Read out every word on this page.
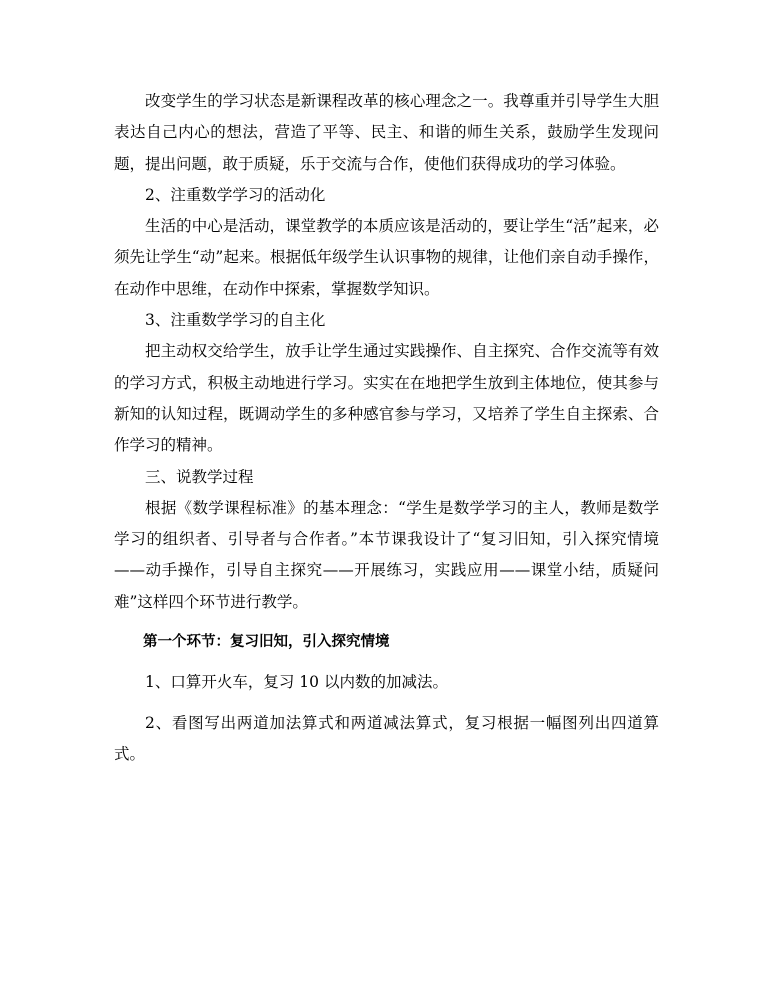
改变学生的学习状态是新课程改革的核心理念之一。我尊重并引导学生大胆表达自己内心的想法，营造了平等、民主、和谐的师生关系，鼓励学生发现问题，提出问题，敢于质疑，乐于交流与合作，使他们获得成功的学习体验。

2、注重数学学习的活动化

生活的中心是活动，课堂教学的本质应该是活动的，要让学生“活”起来，必须先让学生“动”起来。根据低年级学生认识事物的规律，让他们亲自动手操作，在动作中思维，在动作中探索，掌握数学知识。

3、注重数学学习的自主化

把主动权交给学生，放手让学生通过实践操作、自主探究、合作交流等有效的学习方式，积极主动地进行学习。实实在在地把学生放到主体地位，使其参与新知的认知过程，既调动学生的多种感官参与学习，又培养了学生自主探索、合作学习的精神。

三、说教学过程

根据《数学课程标准》的基本理念：“学生是数学学习的主人，教师是数学学习的组织者、引导者与合作者。”本节课我设计了“复习旧知，引入探究情境——动手操作，引导自主探究——开展练习，实践应用——课堂小结，质疑问难”这样四个环节进行教学。

第一个环节：复习旧知，引入探究情境

1、口算开火车，复习 10 以内数的加减法。

2、看图写出两道加法算式和两道减法算式，复习根据一幅图列出四道算式。
